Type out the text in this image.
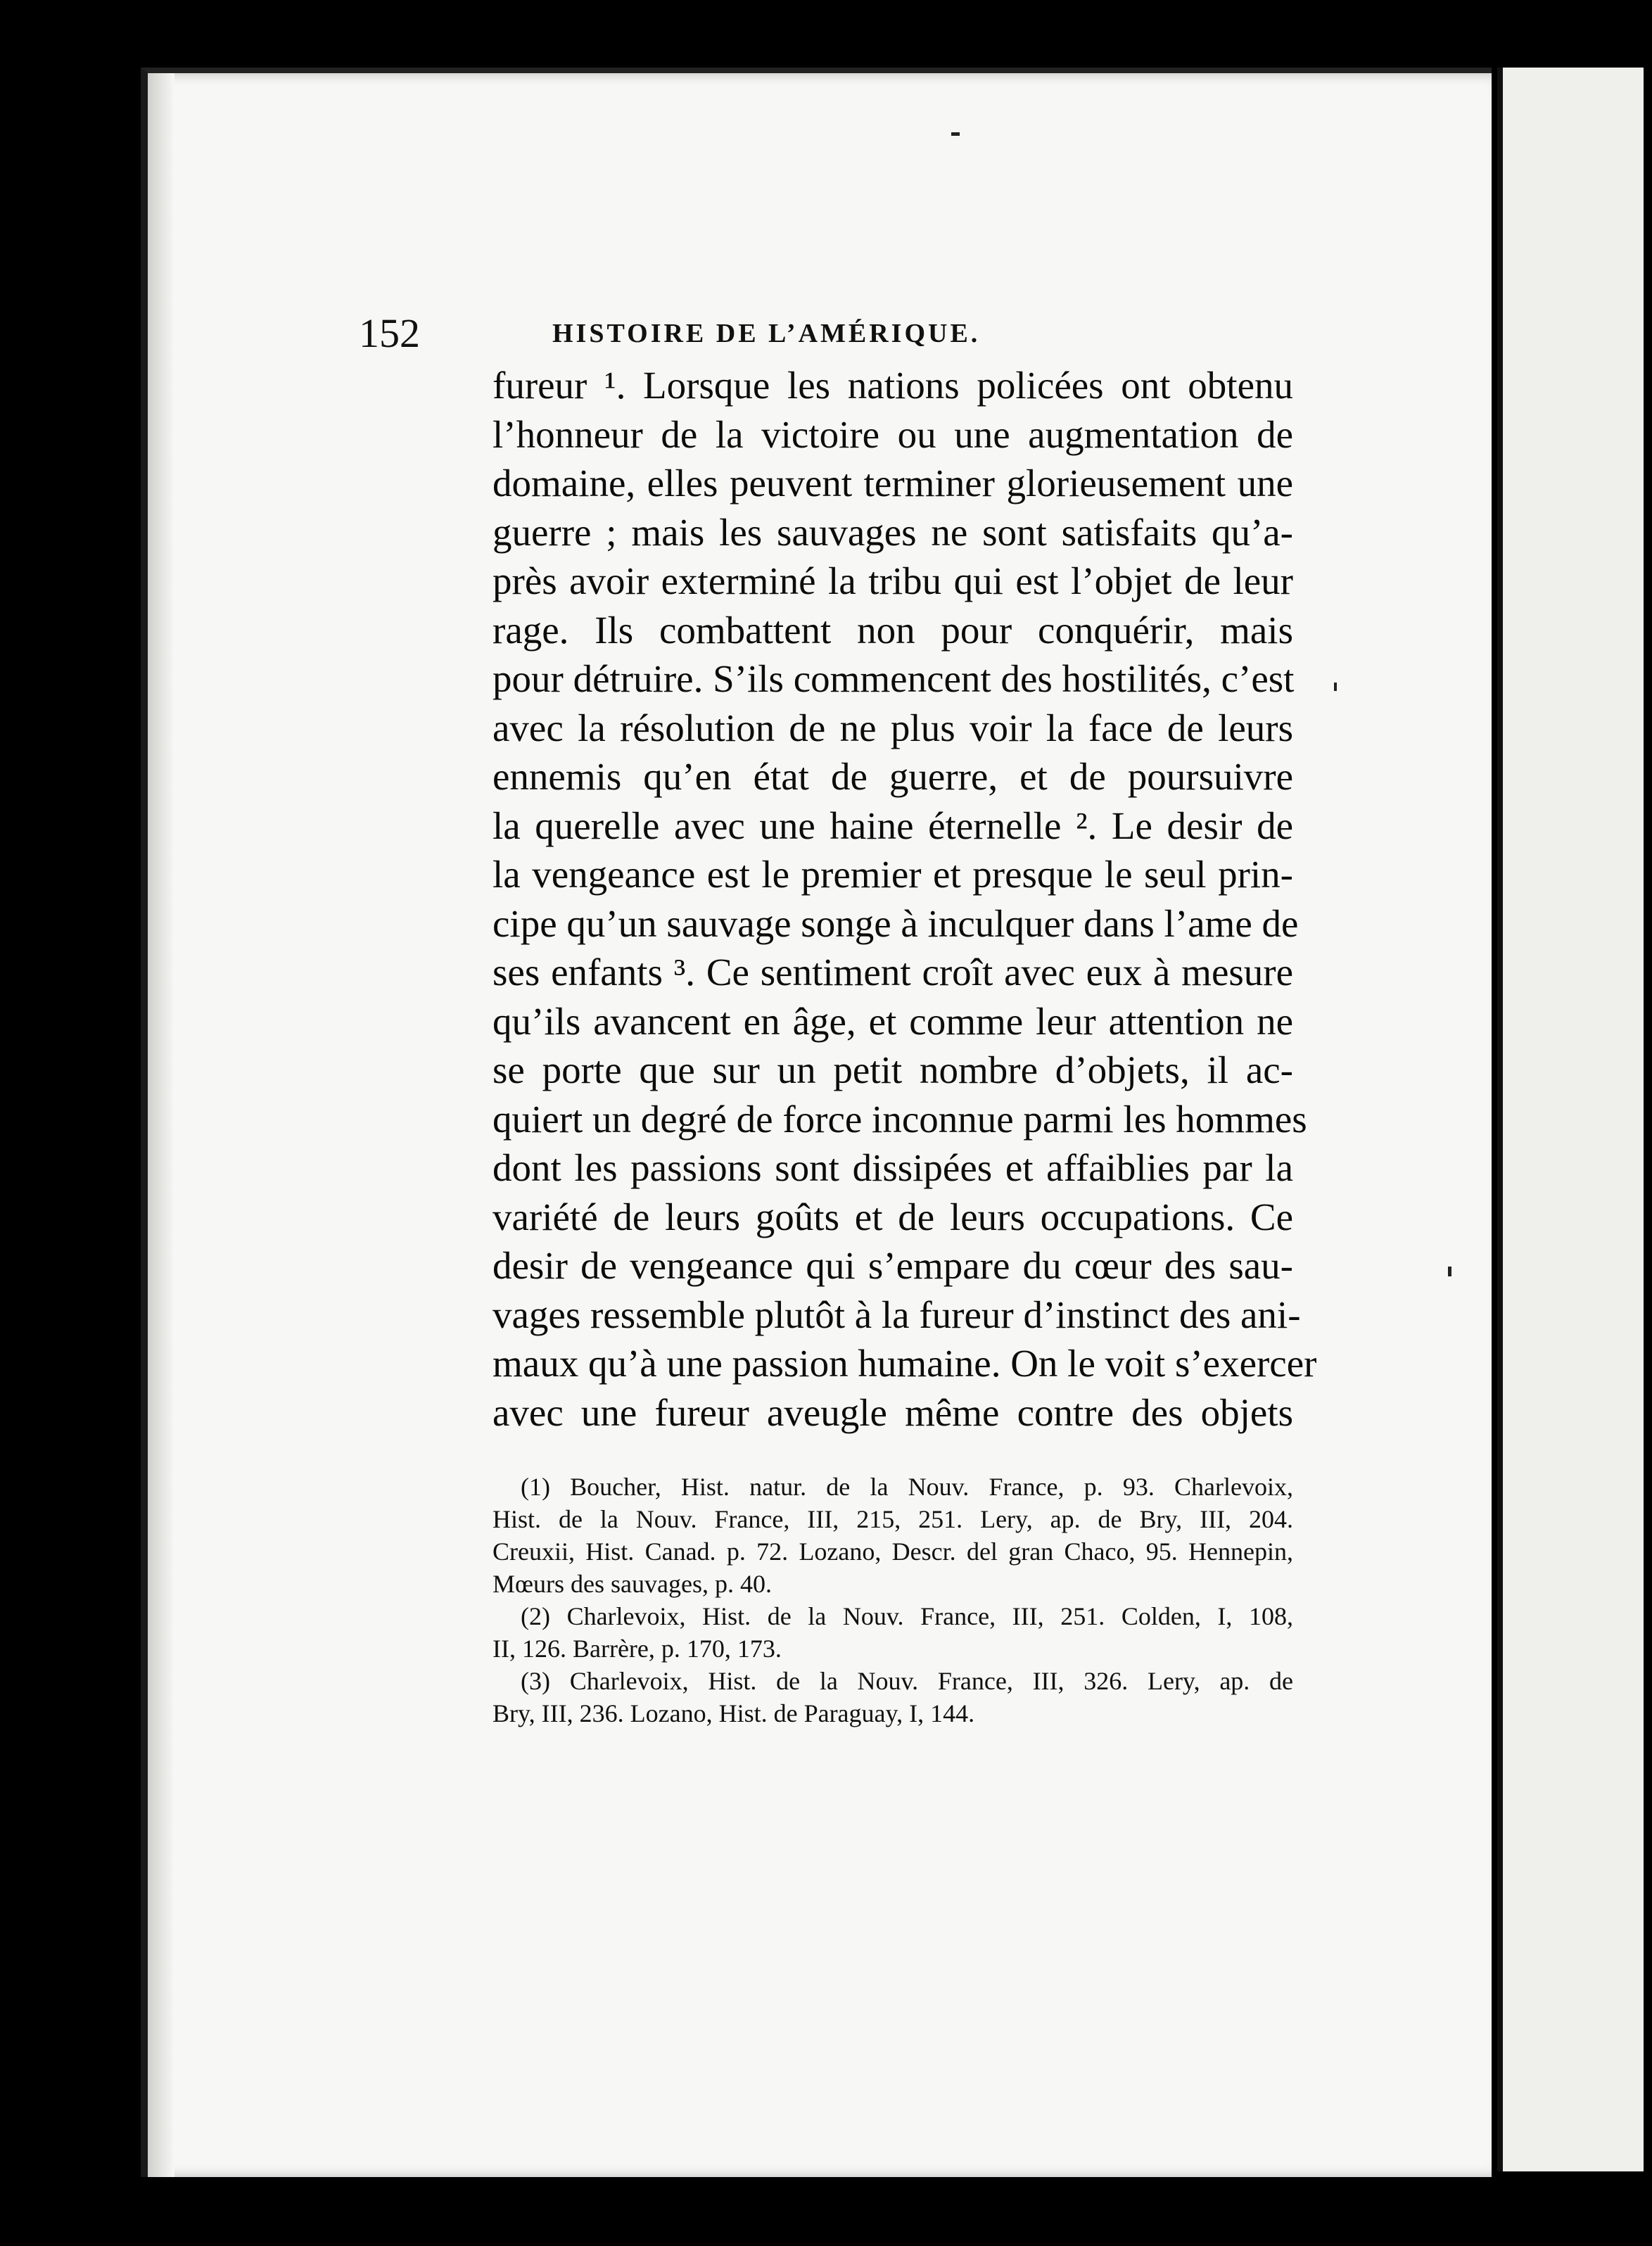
152	HISTOIRE DE L’AMÉRIQUE.
fureur ¹. Lorsque les nations policées ont obtenu
l’honneur de la victoire ou une augmentation de
domaine, elles peuvent terminer glorieusement une
guerre ; mais les sauvages ne sont satisfaits qu’a-
près avoir exterminé la tribu qui est l’objet de leur
rage. Ils combattent non pour conquérir, mais
pour détruire. S’ils commencent des hostilités, c’est
avec la résolution de ne plus voir la face de leurs
ennemis qu’en état de guerre, et de poursuivre
la querelle avec une haine éternelle ². Le desir de
la vengeance est le premier et presque le seul prin-
cipe qu’un sauvage songe à inculquer dans l’ame de
ses enfants ³. Ce sentiment croît avec eux à mesure
qu’ils avancent en âge, et comme leur attention ne
se porte que sur un petit nombre d’objets, il ac-
quiert un degré de force inconnue parmi les hommes
dont les passions sont dissipées et affaiblies par la
variété de leurs goûts et de leurs occupations. Ce
desir de vengeance qui s’empare du cœur des sau-
vages ressemble plutôt à la fureur d’instinct des ani-
maux qu’à une passion humaine. On le voit s’exercer
avec une fureur aveugle même contre des objets
(1) Boucher, Hist. natur. de la Nouv. France, p. 93. Charlevoix,
Hist. de la Nouv. France, III, 215, 251. Lery, ap. de Bry, III, 204.
Creuxii, Hist. Canad. p. 72. Lozano, Descr. del gran Chaco, 95. Hennepin,
Mœurs des sauvages, p. 40.
(2) Charlevoix, Hist. de la Nouv. France, III, 251. Colden, I, 108,
II, 126. Barrère, p. 170, 173.
(3) Charlevoix, Hist. de la Nouv. France, III, 326. Lery, ap. de
Bry, III, 236. Lozano, Hist. de Paraguay, I, 144.
